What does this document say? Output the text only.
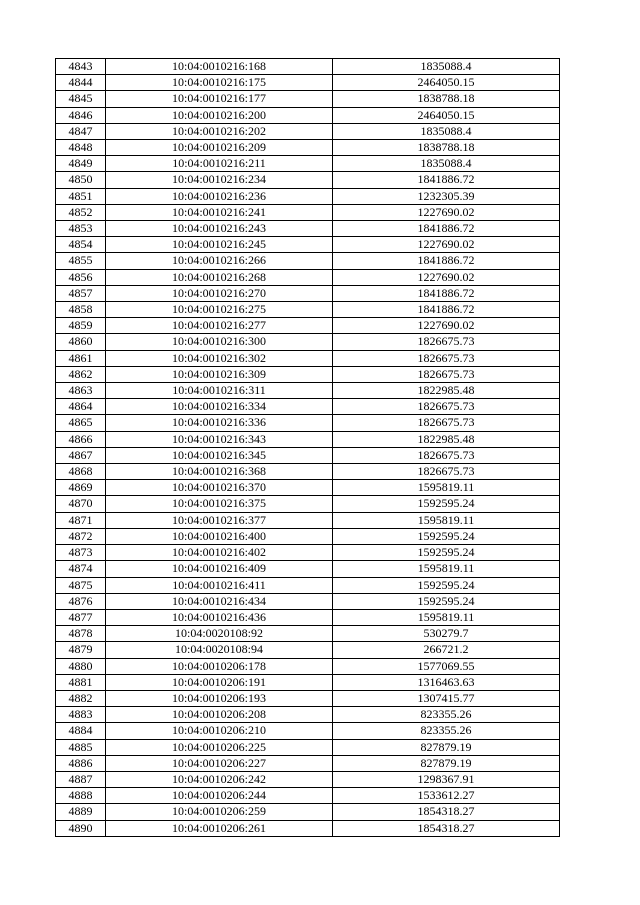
4843	10:04:0010216:168	1835088.4
4844	10:04:0010216:175	2464050.15
4845	10:04:0010216:177	1838788.18
4846	10:04:0010216:200	2464050.15
4847	10:04:0010216:202	1835088.4
4848	10:04:0010216:209	1838788.18
4849	10:04:0010216:211	1835088.4
4850	10:04:0010216:234	1841886.72
4851	10:04:0010216:236	1232305.39
4852	10:04:0010216:241	1227690.02
4853	10:04:0010216:243	1841886.72
4854	10:04:0010216:245	1227690.02
4855	10:04:0010216:266	1841886.72
4856	10:04:0010216:268	1227690.02
4857	10:04:0010216:270	1841886.72
4858	10:04:0010216:275	1841886.72
4859	10:04:0010216:277	1227690.02
4860	10:04:0010216:300	1826675.73
4861	10:04:0010216:302	1826675.73
4862	10:04:0010216:309	1826675.73
4863	10:04:0010216:311	1822985.48
4864	10:04:0010216:334	1826675.73
4865	10:04:0010216:336	1826675.73
4866	10:04:0010216:343	1822985.48
4867	10:04:0010216:345	1826675.73
4868	10:04:0010216:368	1826675.73
4869	10:04:0010216:370	1595819.11
4870	10:04:0010216:375	1592595.24
4871	10:04:0010216:377	1595819.11
4872	10:04:0010216:400	1592595.24
4873	10:04:0010216:402	1592595.24
4874	10:04:0010216:409	1595819.11
4875	10:04:0010216:411	1592595.24
4876	10:04:0010216:434	1592595.24
4877	10:04:0010216:436	1595819.11
4878	10:04:0020108:92	530279.7
4879	10:04:0020108:94	266721.2
4880	10:04:0010206:178	1577069.55
4881	10:04:0010206:191	1316463.63
4882	10:04:0010206:193	1307415.77
4883	10:04:0010206:208	823355.26
4884	10:04:0010206:210	823355.26
4885	10:04:0010206:225	827879.19
4886	10:04:0010206:227	827879.19
4887	10:04:0010206:242	1298367.91
4888	10:04:0010206:244	1533612.27
4889	10:04:0010206:259	1854318.27
4890	10:04:0010206:261	1854318.27
